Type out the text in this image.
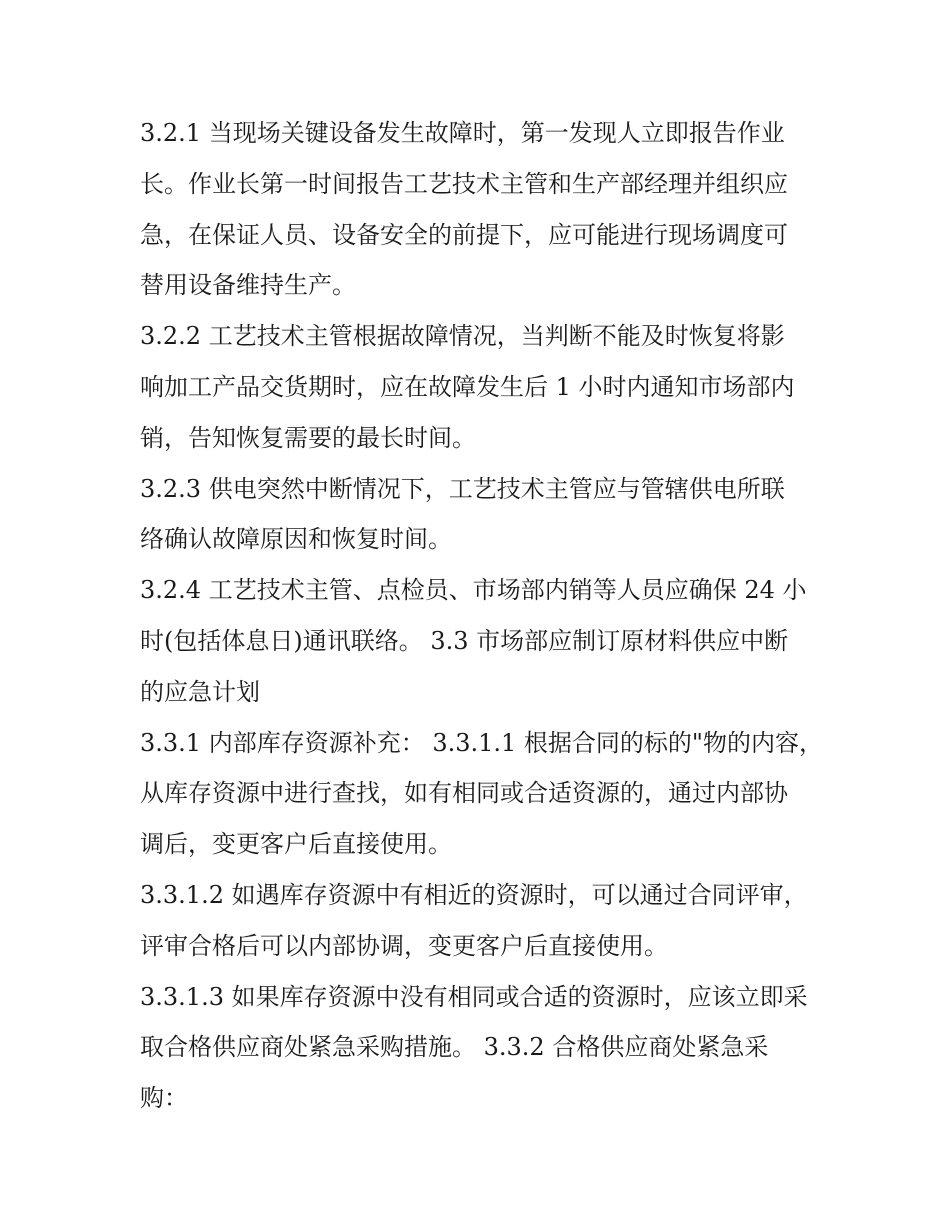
3.2.1 当现场关键设备发生故障时，第一发现人立即报告作业
长。作业长第一时间报告工艺技术主管和生产部经理并组织应
急，在保证人员、设备安全的前提下，应可能进行现场调度可
替用设备维持生产。
3.2.2 工艺技术主管根据故障情况，当判断不能及时恢复将影
响加工产品交货期时，应在故障发生后 1 小时内通知市场部内
销，告知恢复需要的最长时间。
3.2.3 供电突然中断情况下，工艺技术主管应与管辖供电所联
络确认故障原因和恢复时间。
3.2.4 工艺技术主管、点检员、市场部内销等人员应确保 24 小
时(包括体息日)通讯联络。 3.3 市场部应制订原材料供应中断
的应急计划
3.3.1 内部库存资源补充： 3.3.1.1 根据合同的标的"物的内容，
从库存资源中进行查找，如有相同或合适资源的，通过内部协
调后，变更客户后直接使用。
3.3.1.2 如遇库存资源中有相近的资源时，可以通过合同评审，
评审合格后可以内部协调，变更客户后直接使用。
3.3.1.3 如果库存资源中没有相同或合适的资源时，应该立即采
取合格供应商处紧急采购措施。 3.3.2 合格供应商处紧急采
购：
